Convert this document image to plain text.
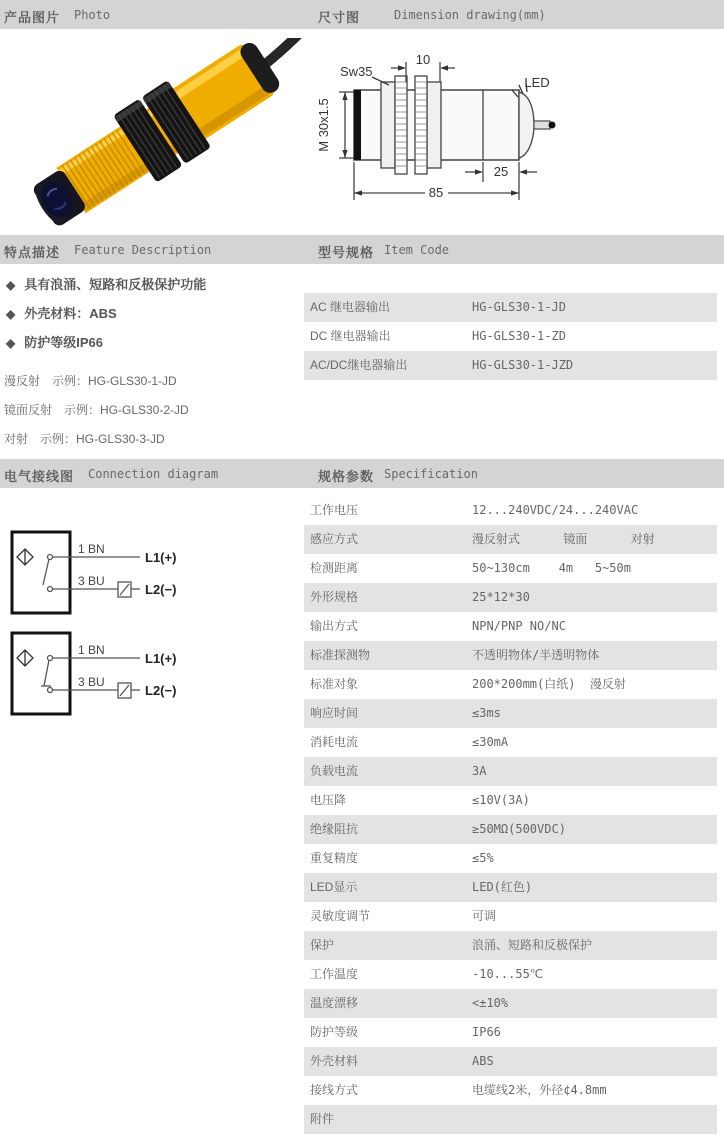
产品图片 Photo	尺寸图	Dimension drawing(mm)
Sw35
10
LED
M 30x1.5
85
25
特点描述 Feature Description	型号规格 Item Code
◆ 具有浪涌、短路和反极保护功能
◆ 外壳材料：ABS
◆ 防护等级IP66
漫反射　示例：HG-GLS30-1-JD
镜面反射　示例：HG-GLS30-2-JD
对射　示例：HG-GLS30-3-JD
AC 继电器输出	HG-GLS30-1-JD
DC 继电器输出	HG-GLS30-1-ZD
AC/DC继电器输出	HG-GLS30-1-JZD
电气接线图 Connection diagram	规格参数 Specification
1 BN
3 BU
L1(+)
L2(−)
1 BN
3 BU
L1(+)
L2(−)
工作电压	12...240VDC/24...240VAC
感应方式	漫反射式      镜面      对射
检测距离	50~130cm    4m   5~50m
外形规格	25*12*30
输出方式	NPN/PNP NO/NC
标准探测物	不透明物体/半透明物体
标准对象	200*200mm(白纸)  漫反射
响应时间	≤3ms
消耗电流	≤30mA
负载电流	3A
电压降	≤10V(3A)
绝缘阻抗	≥50MΩ(500VDC)
重复精度	≤5%
LED显示	LED(红色)
灵敏度调节	可调
保护	浪涌、短路和反极保护
工作温度	-10...55℃
温度漂移	<±10%
防护等级	IP66
外壳材料	ABS
接线方式	电缆线2米，外径¢4.8mm
附件
